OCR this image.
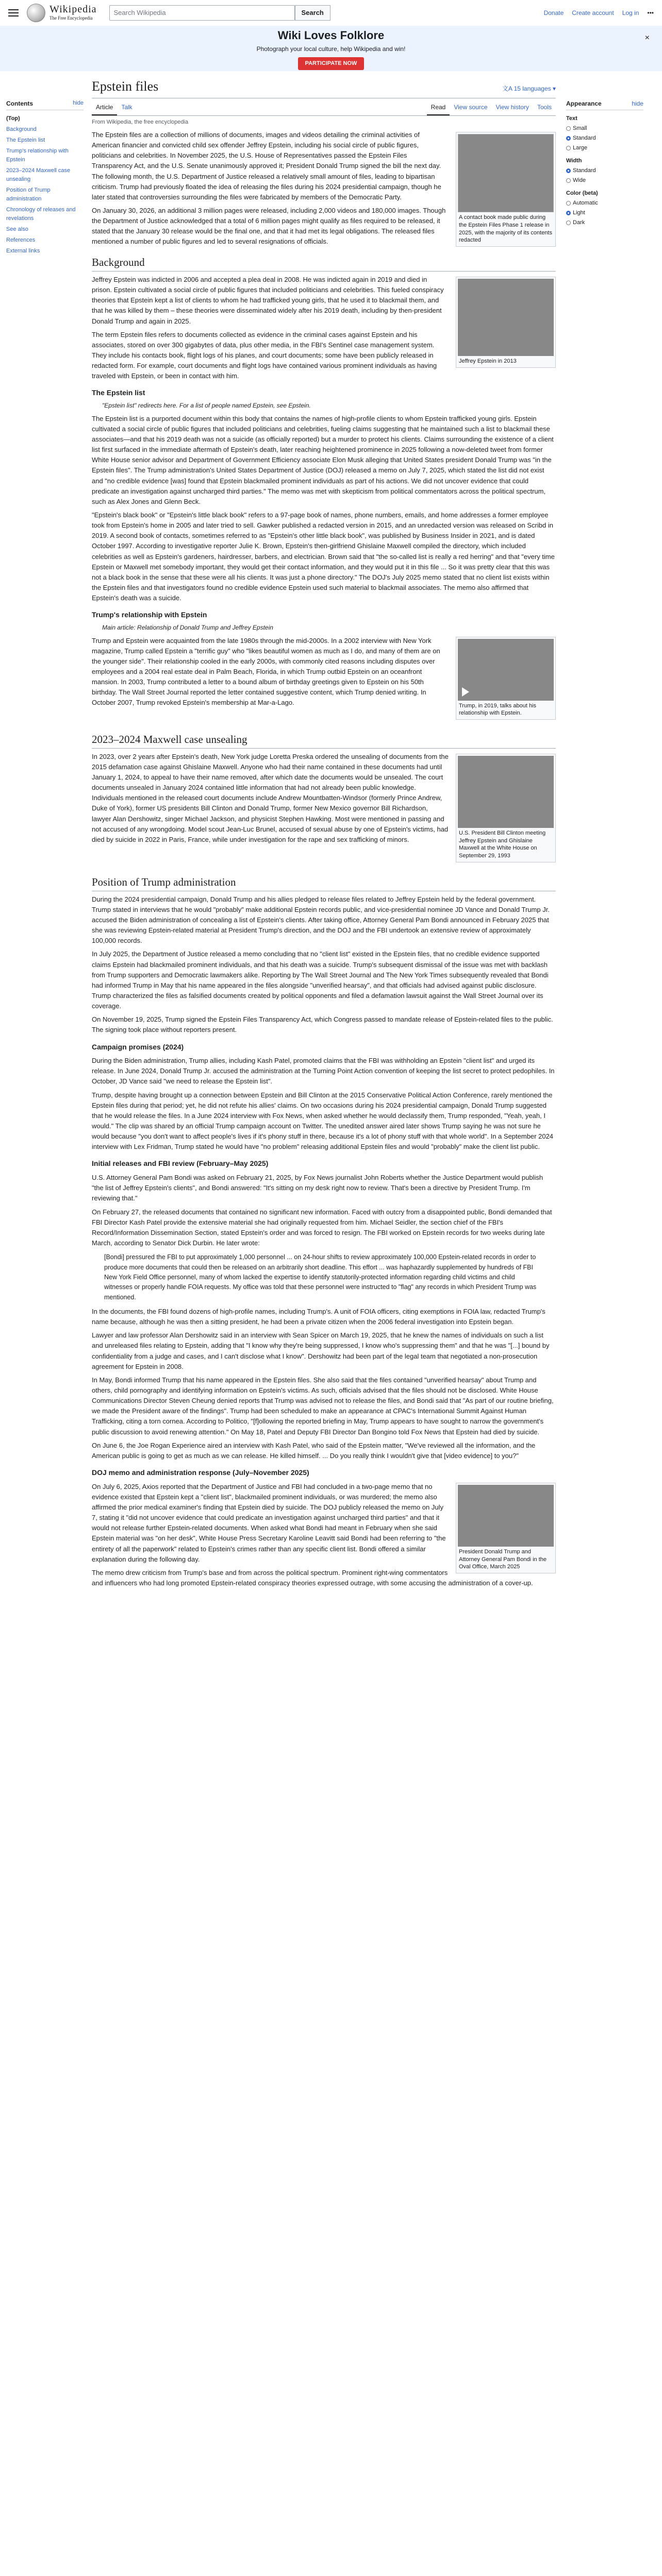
Wikipedia
The Free Encyclopedia
Search Wikipedia	Search	Donate Create account Log in •••
Wiki Loves Folklore
Photograph your local culture, help Wikipedia and win!
PARTICIPATE NOW
×
Contents	hide
(Top)
Background
The Epstein list
Trump's relationship with Epstein
2023–2024 Maxwell case unsealing
Position of Trump administration
Chronology of releases and revelations
See also
References
External links
Epstein files	文A 15 languages ▾
Article	Talk	Read	View source	View history	Tools
From Wikipedia, the free encyclopedia
A contact book made public during the Epstein Files Phase 1 release in 2025, with the majority of its contents redacted

The Epstein files are a collection of millions of documents, images and videos detailing the criminal activities of American financier and convicted child sex offender Jeffrey Epstein, including his social circle of public figures, politicians and celebrities. In November 2025, the U.S. House of Representatives passed the Epstein Files Transparency Act, and the U.S. Senate unanimously approved it; President Donald Trump signed the bill the next day. The following month, the U.S. Department of Justice released a relatively small amount of files, leading to bipartisan criticism. Trump had previously floated the idea of releasing the files during his 2024 presidential campaign, though he later stated that controversies surrounding the files were fabricated by members of the Democratic Party.

On January 30, 2026, an additional 3 million pages were released, including 2,000 videos and 180,000 images. Though the Department of Justice acknowledged that a total of 6 million pages might qualify as files required to be released, it stated that the January 30 release would be the final one, and that it had met its legal obligations. The released files mentioned a number of public figures and led to several resignations of officials.

Background
Jeffrey Epstein in 2013

Jeffrey Epstein was indicted in 2006 and accepted a plea deal in 2008. He was indicted again in 2019 and died in prison. Epstein cultivated a social circle of public figures that included politicians and celebrities. This fueled conspiracy theories that Epstein kept a list of clients to whom he had trafficked young girls, that he used it to blackmail them, and that he was killed by them – these theories were disseminated widely after his 2019 death, including by then-president Donald Trump and again in 2025.

The term Epstein files refers to documents collected as evidence in the criminal cases against Epstein and his associates, stored on over 300 gigabytes of data, plus other media, in the FBI's Sentinel case management system. They include his contacts book, flight logs of his planes, and court documents; some have been publicly released in redacted form. For example, court documents and flight logs have contained various prominent individuals as having traveled with Epstein, or been in contact with him.

The Epstein list
"Epstein list" redirects here. For a list of people named Epstein, see Epstein.

The Epstein list is a purported document within this body that contains the names of high-profile clients to whom Epstein trafficked young girls. Epstein cultivated a social circle of public figures that included politicians and celebrities, fueling claims suggesting that he maintained such a list to blackmail these associates—and that his 2019 death was not a suicide (as officially reported) but a murder to protect his clients. Claims surrounding the existence of a client list first surfaced in the immediate aftermath of Epstein's death, later reaching heightened prominence in 2025 following a now-deleted tweet from former White House senior advisor and Department of Government Efficiency associate Elon Musk alleging that United States president Donald Trump was "in the Epstein files". The Trump administration's United States Department of Justice (DOJ) released a memo on July 7, 2025, which stated the list did not exist and "no credible evidence [was] found that Epstein blackmailed prominent individuals as part of his actions. We did not uncover evidence that could predicate an investigation against uncharged third parties." The memo was met with skepticism from political commentators across the political spectrum, such as Alex Jones and Glenn Beck.

"Epstein's black book" or "Epstein's little black book" refers to a 97-page book of names, phone numbers, emails, and home addresses a former employee took from Epstein's home in 2005 and later tried to sell. Gawker published a redacted version in 2015, and an unredacted version was released on Scribd in 2019. A second book of contacts, sometimes referred to as "Epstein's other little black book", was published by Business Insider in 2021, and is dated October 1997. According to investigative reporter Julie K. Brown, Epstein's then-girlfriend Ghislaine Maxwell compiled the directory, which included celebrities as well as Epstein's gardeners, hairdresser, barbers, and electrician. Brown said that "the so-called list is really a red herring" and that "every time Epstein or Maxwell met somebody important, they would get their contact information, and they would put it in this file ... So it was pretty clear that this was not a black book in the sense that these were all his clients. It was just a phone directory." The DOJ's July 2025 memo stated that no client list exists within the Epstein files and that investigators found no credible evidence Epstein used such material to blackmail associates. The memo also affirmed that Epstein's death was a suicide.

Trump's relationship with Epstein
Main article: Relationship of Donald Trump and Jeffrey Epstein
Trump, in 2019, talks about his relationship with Epstein.

Trump and Epstein were acquainted from the late 1980s through the mid-2000s. In a 2002 interview with New York magazine, Trump called Epstein a "terrific guy" who "likes beautiful women as much as I do, and many of them are on the younger side". Their relationship cooled in the early 2000s, with commonly cited reasons including disputes over employees and a 2004 real estate deal in Palm Beach, Florida, in which Trump outbid Epstein on an oceanfront mansion. In 2003, Trump contributed a letter to a bound album of birthday greetings given to Epstein on his 50th birthday. The Wall Street Journal reported the letter contained suggestive content, which Trump denied writing. In October 2007, Trump revoked Epstein's membership at Mar-a-Lago.

2023–2024 Maxwell case unsealing
U.S. President Bill Clinton meeting Jeffrey Epstein and Ghislaine Maxwell at the White House on September 29, 1993

In 2023, over 2 years after Epstein's death, New York judge Loretta Preska ordered the unsealing of documents from the 2015 defamation case against Ghislaine Maxwell. Anyone who had their name contained in these documents had until January 1, 2024, to appeal to have their name removed, after which date the documents would be unsealed. The court documents unsealed in January 2024 contained little information that had not already been public knowledge. Individuals mentioned in the released court documents include Andrew Mountbatten-Windsor (formerly Prince Andrew, Duke of York), former US presidents Bill Clinton and Donald Trump, former New Mexico governor Bill Richardson, lawyer Alan Dershowitz, singer Michael Jackson, and physicist Stephen Hawking. Most were mentioned in passing and not accused of any wrongdoing. Model scout Jean-Luc Brunel, accused of sexual abuse by one of Epstein's victims, had died by suicide in 2022 in Paris, France, while under investigation for the rape and sex trafficking of minors.

Position of Trump administration

During the 2024 presidential campaign, Donald Trump and his allies pledged to release files related to Jeffrey Epstein held by the federal government. Trump stated in interviews that he would "probably" make additional Epstein records public, and vice-presidential nominee JD Vance and Donald Trump Jr. accused the Biden administration of concealing a list of Epstein's clients. After taking office, Attorney General Pam Bondi announced in February 2025 that she was reviewing Epstein-related material at President Trump's direction, and the DOJ and the FBI undertook an extensive review of approximately 100,000 records.

In July 2025, the Department of Justice released a memo concluding that no "client list" existed in the Epstein files, that no credible evidence supported claims Epstein had blackmailed prominent individuals, and that his death was a suicide. Trump's subsequent dismissal of the issue was met with backlash from Trump supporters and Democratic lawmakers alike. Reporting by The Wall Street Journal and The New York Times subsequently revealed that Bondi had informed Trump in May that his name appeared in the files alongside "unverified hearsay", and that officials had advised against public disclosure. Trump characterized the files as falsified documents created by political opponents and filed a defamation lawsuit against the Wall Street Journal over its coverage.

On November 19, 2025, Trump signed the Epstein Files Transparency Act, which Congress passed to mandate release of Epstein-related files to the public. The signing took place without reporters present.

Campaign promises (2024)

During the Biden administration, Trump allies, including Kash Patel, promoted claims that the FBI was withholding an Epstein "client list" and urged its release. In June 2024, Donald Trump Jr. accused the administration at the Turning Point Action convention of keeping the list secret to protect pedophiles. In October, JD Vance said "we need to release the Epstein list".

Trump, despite having brought up a connection between Epstein and Bill Clinton at the 2015 Conservative Political Action Conference, rarely mentioned the Epstein files during that period; yet, he did not refute his allies' claims. On two occasions during his 2024 presidential campaign, Donald Trump suggested that he would release the files. In a June 2024 interview with Fox News, when asked whether he would declassify them, Trump responded, "Yeah, yeah, I would." The clip was shared by an official Trump campaign account on Twitter. The unedited answer aired later shows Trump saying he was not sure he would because "you don't want to affect people's lives if it's phony stuff in there, because it's a lot of phony stuff with that whole world". In a September 2024 interview with Lex Fridman, Trump stated he would have "no problem" releasing additional Epstein files and would "probably" make the client list public.

Initial releases and FBI review (February–May 2025)

U.S. Attorney General Pam Bondi was asked on February 21, 2025, by Fox News journalist John Roberts whether the Justice Department would publish "the list of Jeffrey Epstein's clients", and Bondi answered: "It's sitting on my desk right now to review. That's been a directive by President Trump. I'm reviewing that."

On February 27, the released documents that contained no significant new information. Faced with outcry from a disappointed public, Bondi demanded that FBI Director Kash Patel provide the extensive material she had originally requested from him. Michael Seidler, the section chief of the FBI's Record/Information Dissemination Section, stated Epstein's order and was forced to resign. The FBI worked on Epstein records for two weeks during late March, according to Senator Dick Durbin. He later wrote:

[Bondi] pressured the FBI to put approximately 1,000 personnel ... on 24-hour shifts to review approximately 100,000 Epstein-related records in order to produce more documents that could then be released on an arbitrarily short deadline. This effort ... was haphazardly supplemented by hundreds of FBI New York Field Office personnel, many of whom lacked the expertise to identify statutorily-protected information regarding child victims and child witnesses or properly handle FOIA requests. My office was told that these personnel were instructed to "flag" any records in which President Trump was mentioned.

In the documents, the FBI found dozens of high-profile names, including Trump's. A unit of FOIA officers, citing exemptions in FOIA law, redacted Trump's name because, although he was then a sitting president, he had been a private citizen when the 2006 federal investigation into Epstein began.

Lawyer and law professor Alan Dershowitz said in an interview with Sean Spicer on March 19, 2025, that he knew the names of individuals on such a list and unreleased files relating to Epstein, adding that "I know why they're being suppressed, I know who's suppressing them" and that he was "[...] bound by confidentiality from a judge and cases, and I can't disclose what I know". Dershowitz had been part of the legal team that negotiated a non-prosecution agreement for Epstein in 2008.

In May, Bondi informed Trump that his name appeared in the Epstein files. She also said that the files contained "unverified hearsay" about Trump and others, child pornography and identifying information on Epstein's victims. As such, officials advised that the files should not be disclosed. White House Communications Director Steven Cheung denied reports that Trump was advised not to release the files, and Bondi said that "As part of our routine briefing, we made the President aware of the findings". Trump had been scheduled to make an appearance at CPAC's International Summit Against Human Trafficking, citing a torn cornea. According to Politico, "[f]ollowing the reported briefing in May, Trump appears to have sought to narrow the government's public discussion to avoid renewing attention." On May 18, Patel and Deputy FBI Director Dan Bongino told Fox News that Epstein had died by suicide.

On June 6, the Joe Rogan Experience aired an interview with Kash Patel, who said of the Epstein matter, "We've reviewed all the information, and the American public is going to get as much as we can release. He killed himself. ... Do you really think I wouldn't give that [video evidence] to you?"

DOJ memo and administration response (July–November 2025)
President Donald Trump and Attorney General Pam Bondi in the Oval Office, March 2025

On July 6, 2025, Axios reported that the Department of Justice and FBI had concluded in a two-page memo that no evidence existed that Epstein kept a "client list", blackmailed prominent individuals, or was murdered; the memo also affirmed the prior medical examiner's finding that Epstein died by suicide. The DOJ publicly released the memo on July 7, stating it "did not uncover evidence that could predicate an investigation against uncharged third parties" and that it would not release further Epstein-related documents. When asked what Bondi had meant in February when she said Epstein material was "on her desk", White House Press Secretary Karoline Leavitt said Bondi had been referring to "the entirety of all the paperwork" related to Epstein's crimes rather than any specific client list. Bondi offered a similar explanation during the following day.

The memo drew criticism from Trump's base and from across the political spectrum. Prominent right-wing commentators and influencers who had long promoted Epstein-related conspiracy theories expressed outrage, with some accusing the administration of a cover-up.

Appearance	hide
Text
Small
Standard
Large
Width
Standard
Wide
Color (beta)
Automatic
Light
Dark
